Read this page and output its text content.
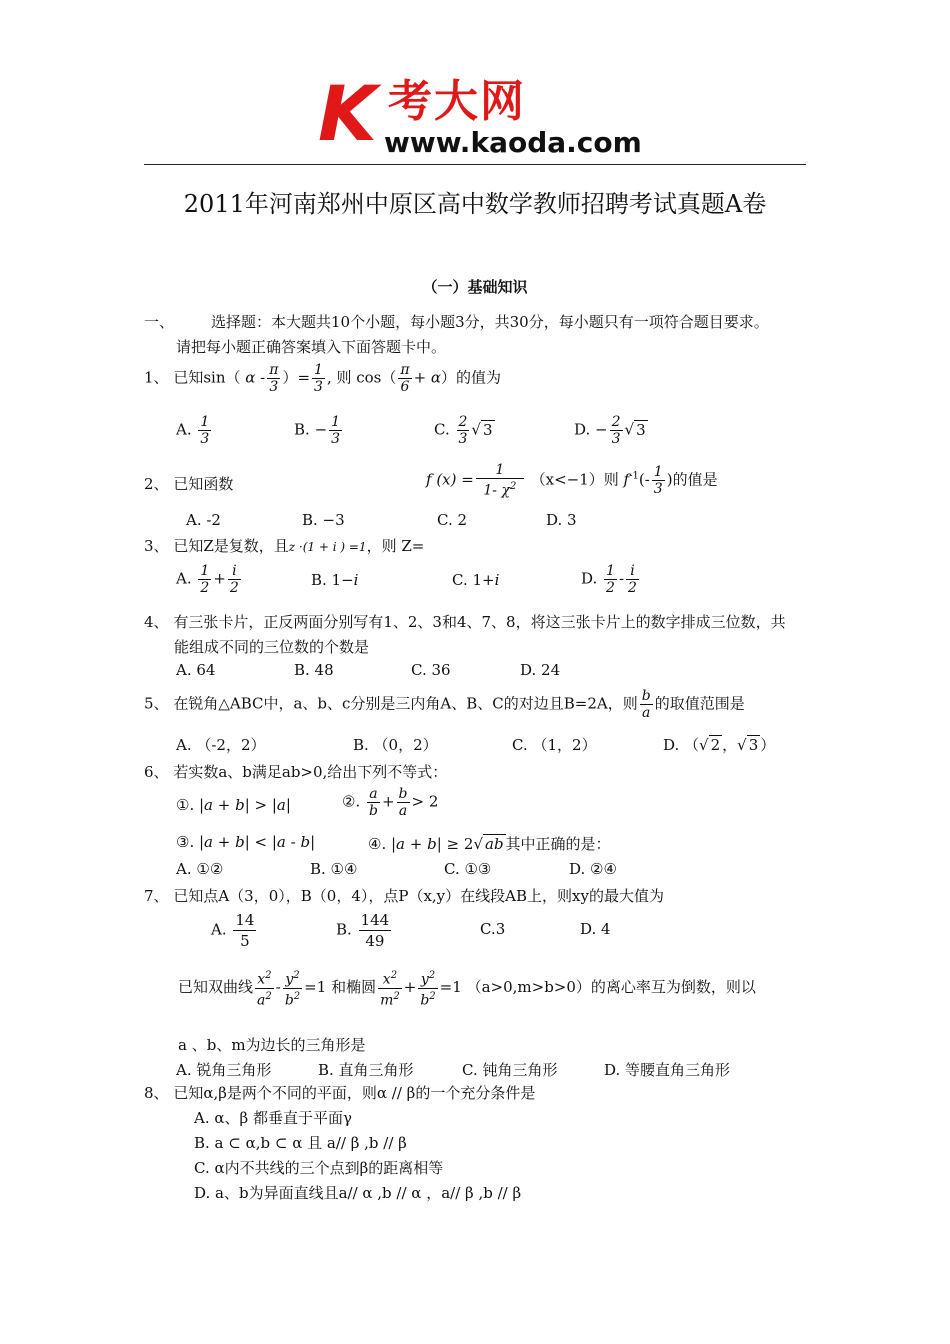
K 考大网
www.kaoda.com
2011年河南郑州中原区高中数学教师招聘考试真题A卷
（一）基础知识
一、 选择题：本大题共10个小题，每小题3分，共30分，每小题只有一项符合题目要求。
请把每小题正确答案填入下面答题卡中。
1、 已知sin（ α - $\frac{\pi}{3}$ ）= $\frac{1}{3}$ , 则 $\cos( \frac{\pi}{6} + \alpha)$的值为
A. $\frac{1}{3}$	B. − $\frac{1}{3}$	C. $\frac{2}{3}$ √ 3	D. − $\frac{2}{3}$ √ 3
2、 已知函数	f $(x) = \frac{1}{1- \chi^2} (x<-1)$则 $f^{-1}(- \frac{1}{3}$ )的值是
A. -2	B. −3	C. 2	D. 3
3、 已知Z是复数，且z ·(1 + i ) =1，则 Z=
A. $\frac{1}{2} + \frac{i}{2}$	B. 1−i	C. 1+i	D. $\frac{1}{2} - \frac{i}{2}$
4、 有三张卡片，正反两面分别写有1、2、3和4、7、8，将这三张卡片上的数字排成三位数，共
能组成不同的三位数的个数是
A. 64	B. 48	C. 36	D. 24
5、 在锐角△ABC中，a、b、c分别是三内角A、B、C的对边且B=2A，则 $\frac{b}{a}$ 的取值范围是
A. （-2，2）	B. （0，2）	C. （1，2）	D. （√ 2 ，√ 3 ）
6、 若实数a、b满足ab>0,给出下列不等式：
①. |a + b| > |a|	②. $\frac{a}{b} + \frac{b}{a} > 2$
③. |a + b| < |a - b|	④. |a + b| ≥ 2√ ab 其中正确的是：
A. ①②	B. ①④	C. ①③	D. ②④
7、 已知点A（3，0），B（0，4），点P（x,y）在线段AB上，则xy的最大值为
A. $\frac{14}{5}$	B. $\frac{144}{49}$	C.3	D. 4
已知双曲线 $\frac{x^2}{a^2} - \frac{y^2}{b^2} =1$ 和椭圆 $\frac{x^2}{m^2} + \frac{y^2}{b^2} =1$ （a>0,m>b>0）的离心率互为倒数，则以
a 、b、m为边长的三角形是
A. 锐角三角形	B. 直角三角形	C. 钝角三角形	D. 等腰直角三角形
8、 已知α,β是两个不同的平面，则α // β的一个充分条件是
A. α、β 都垂直于平面γ
B. a ⊂ α,b ⊂ α 且 a// β ,b // β
C. α内不共线的三个点到β的距离相等
D. a、b为异面直线且a// α ,b // α ，a// β ,b // β
